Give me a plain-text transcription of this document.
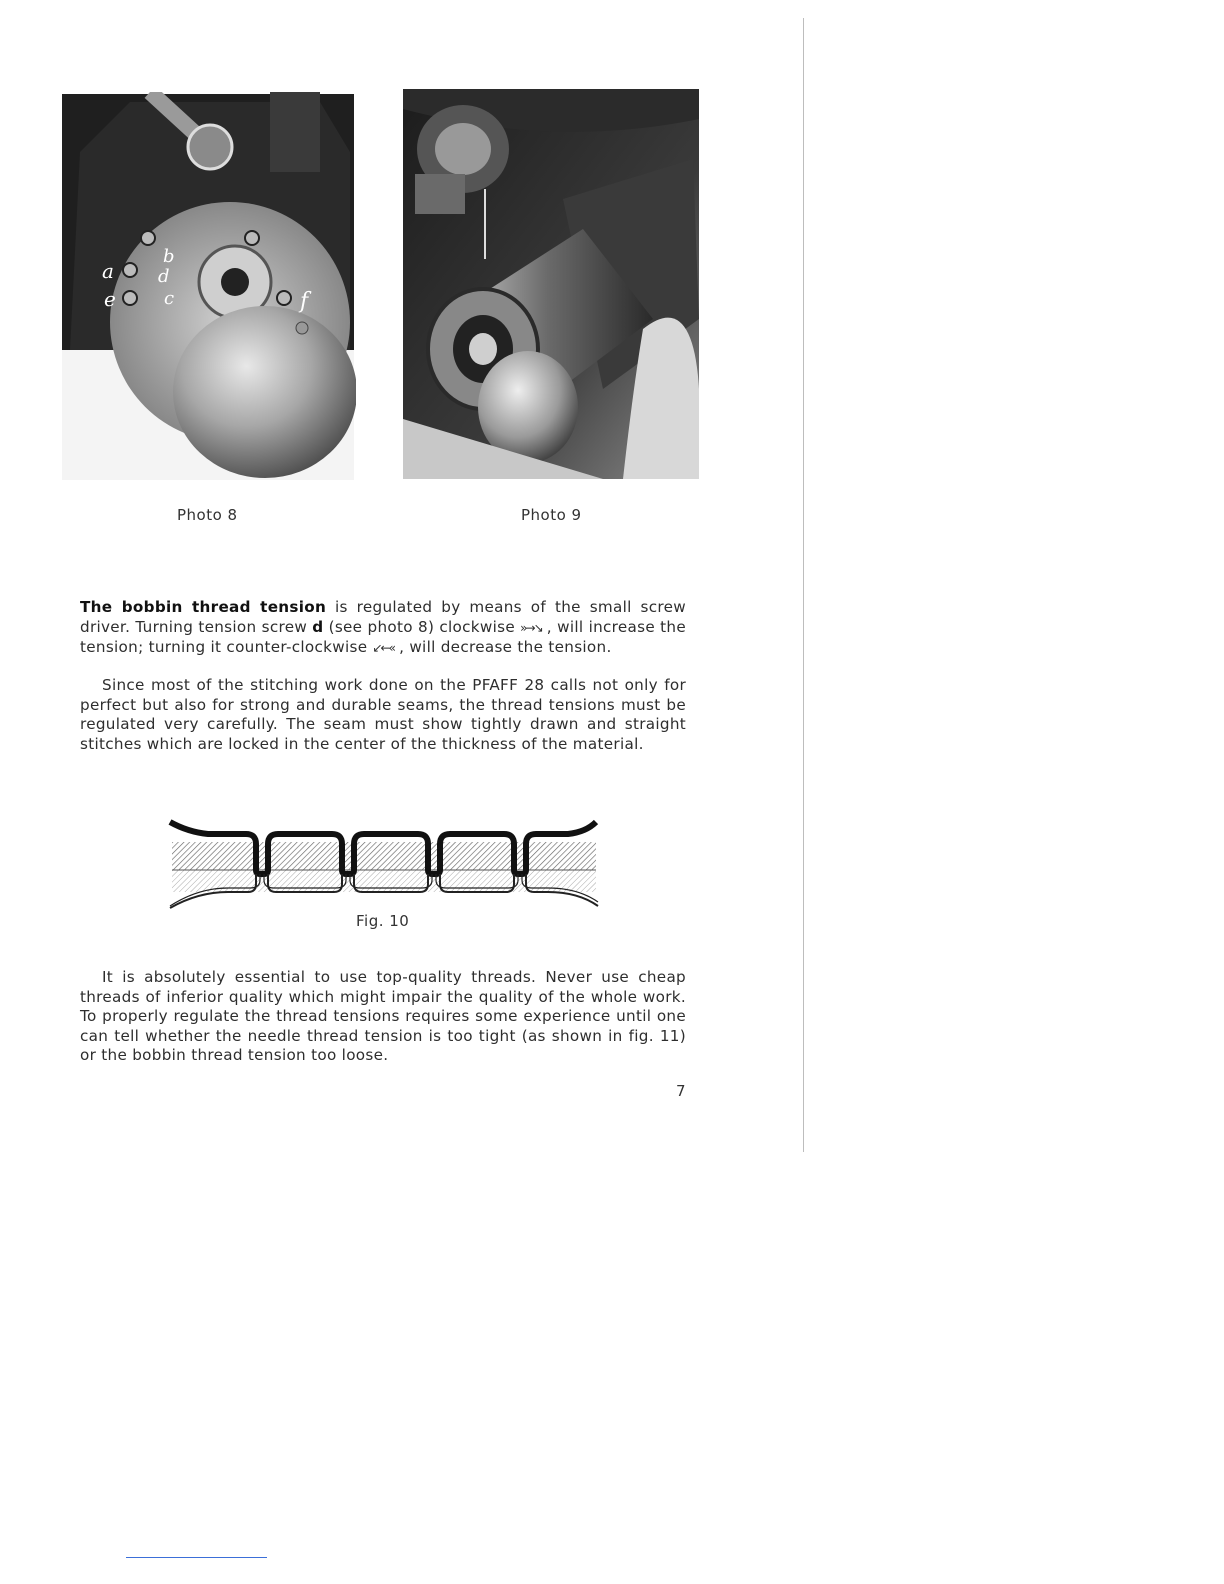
a
e
b
d
c	f
Photo 8	Photo 9

The bobbin thread tension is regulated by means of the small screw driver. Turning tension screw d (see photo 8) clockwise »→↘ , will increase the tension; turning it counter-clockwise ↙←« , will decrease the tension.

Since most of the stitching work done on the PFAFF 28 calls not only for perfect but also for strong and durable seams, the thread tensions must be regulated very carefully. The seam must show tightly drawn and straight stitches which are locked in the center of the thickness of the material.

Fig. 10

It is absolutely essential to use top-quality threads. Never use cheap threads of inferior quality which might impair the quality of the whole work. To properly regulate the thread tensions requires some experience until one can tell whether the needle thread tension is too tight (as shown in fig. 11) or the bobbin thread tension too loose.

7
